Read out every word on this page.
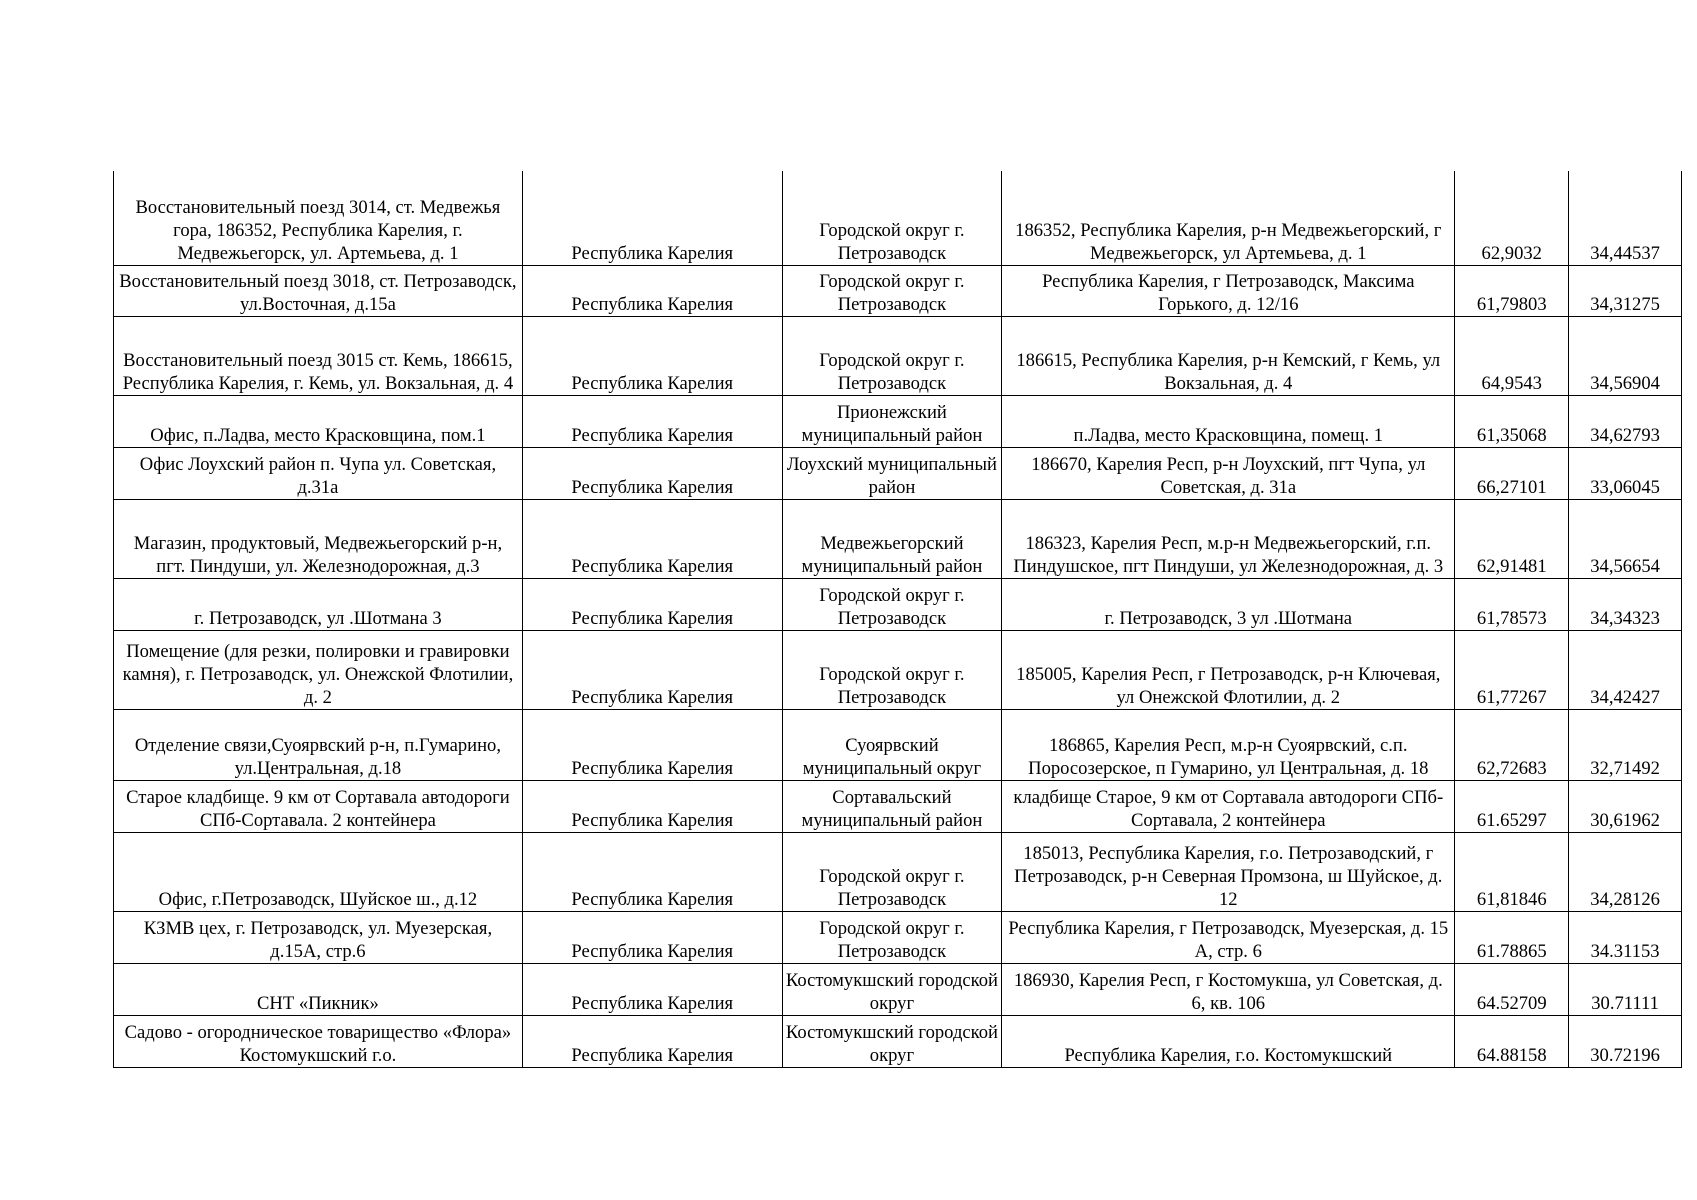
Восстановительный поезд 3014, ст. Медвежья гора, 186352, Республика Карелия, г. Медвежьегорск, ул. Артемьева, д. 1	Республика Карелия	Городской округ г. Петрозаводск	186352, Республика Карелия, р-н Медвежьегорский, г Медвежьегорск, ул Артемьева, д. 1	62,9032	34,44537
Восстановительный поезд 3018, ст. Петрозаводск, ул.Восточная, д.15а	Республика Карелия	Городской округ г. Петрозаводск	Республика Карелия, г Петрозаводск, Максима Горького, д. 12/16	61,79803	34,31275
Восстановительный поезд 3015 ст. Кемь, 186615, Республика Карелия, г. Кемь, ул. Вокзальная, д. 4	Республика Карелия	Городской округ г. Петрозаводск	186615, Республика Карелия, р-н Кемский, г Кемь, ул Вокзальная, д. 4	64,9543	34,56904
Офис, п.Ладва, место Красковщина, пом.1	Республика Карелия	Прионежский муниципальный район	п.Ладва, место Красковщина, помещ. 1	61,35068	34,62793
Офис Лоухский район п. Чупа ул. Советская, д.31а	Республика Карелия	Лоухский муниципальный район	186670, Карелия Респ, р-н Лоухский, пгт Чупа, ул Советская, д. 31а	66,27101	33,06045
Магазин, продуктовый, Медвежьегорский р-н, пгт. Пиндуши, ул. Железнодорожная, д.3	Республика Карелия	Медвежьегорский муниципальный район	186323, Карелия Респ, м.р-н Медвежьегорский, г.п. Пиндушское, пгт Пиндуши, ул Железнодорожная, д. 3	62,91481	34,56654
г. Петрозаводск, ул .Шотмана 3	Республика Карелия	Городской округ г. Петрозаводск	г. Петрозаводск, 3 ул .Шотмана	61,78573	34,34323
Помещение (для резки, полировки и гравировки камня), г. Петрозаводск, ул. Онежской Флотилии, д. 2	Республика Карелия	Городской округ г. Петрозаводск	185005, Карелия Респ, г Петрозаводск, р-н Ключевая, ул Онежской Флотилии, д. 2	61,77267	34,42427
Отделение связи,Суоярвский р-н, п.Гумарино, ул.Центральная, д.18	Республика Карелия	Суоярвский муниципальный округ	186865, Карелия Респ, м.р-н Суоярвский, с.п. Поросозерское, п Гумарино, ул Центральная, д. 18	62,72683	32,71492
Старое кладбище. 9 км от Сортавала автодороги СПб-Сортавала. 2 контейнера	Республика Карелия	Сортавальский муниципальный район	кладбище Старое, 9 км от Сортавала автодороги СПб-Сортавала, 2 контейнера	61.65297	30,61962
Офис, г.Петрозаводск, Шуйское ш., д.12	Республика Карелия	Городской округ г. Петрозаводск	185013, Республика Карелия, г.о. Петрозаводский, г Петрозаводск, р-н Северная Промзона, ш Шуйское, д. 12	61,81846	34,28126
КЗМВ цех, г. Петрозаводск, ул. Муезерская, д.15А, стр.6	Республика Карелия	Городской округ г. Петрозаводск	Республика Карелия, г Петрозаводск, Муезерская, д. 15 А, стр. 6	61.78865	34.31153
СНТ «Пикник»	Республика Карелия	Костомукшский городской округ	186930, Карелия Респ, г Костомукша, ул Советская, д. 6, кв. 106	64.52709	30.71111
Садово - огородническое товарищество «Флора» Костомукшский г.о.	Республика Карелия	Костомукшский городской округ	Республика Карелия, г.о. Костомукшский	64.88158	30.72196
